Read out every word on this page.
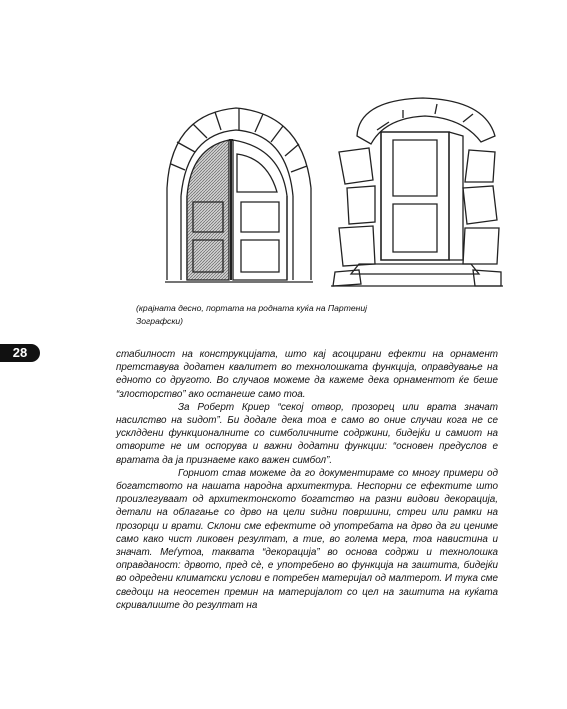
(крајната десно, портата на родната куќа на Партениј Зографски)

28	стабилност на конструкцијата, што кај асоцирани ефекти на орнамент претставува додатен квалитет во технолошката функција, оправдување на едното со другото. Во случаов можеме да кажеме дека орнаментот ќе беше “злосторство” ако останеше само тоа.

За Роберт Криер “секој отвор, прозорец или врата значат насилство на ѕидот”. Би додале дека тоа е само во оние случаи кога не се усклддени функционалните со симболичните содржини, бидејќи и самиот на отворите не им оспорува и важни додатни функции: “основен предуслов е вратата да ја признаеме како важен симбол”.

Горниот став можеме да го документираме со многу примери од богатството на нашата народна архитектура. Неспорни се ефектите што произлегуваат од архитектонското богатство на разни видови декорација, детали на облагање со дрво на цели ѕидни површини, стреи или рамки на прозорци и врати. Склони сме ефектите од употребата на дрво да ги цениме само како чист ликовен резултат, а тие, во голема мера, тоа навистина и значат. Меѓутоа, таквата “декорација” во основа содржи и технолошка оправданост: дрвото, пред сè, е употребено во функција на заштита, бидејќи во одредени климатски услови е потребен материјал од малтерот. И тука сме сведоци на неосетен премин на материјалот со цел на заштита на куќата скривалиште до резултат на
